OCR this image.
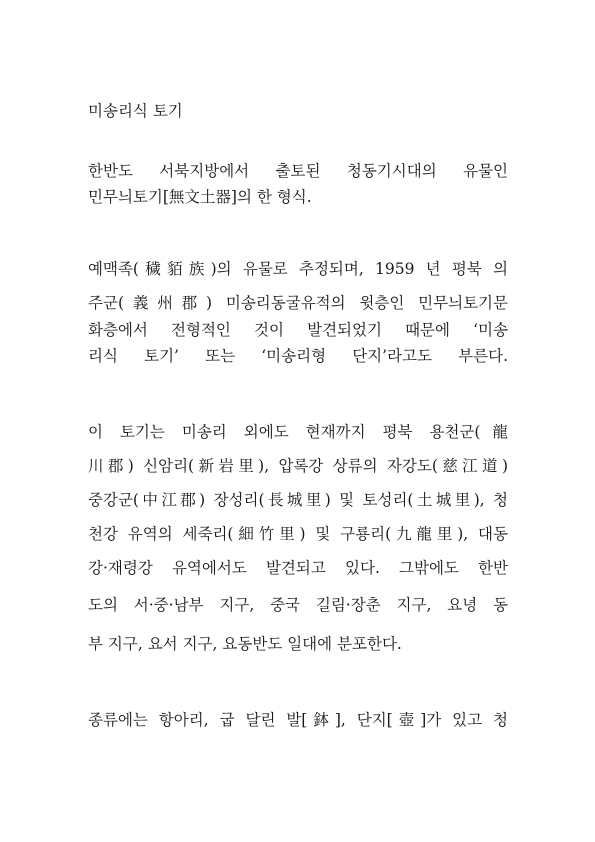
미송리식 토기
한반도 서북지방에서 출토된 청동기시대의 유물인
민무늬토기[無文土器]의 한 형식.
예맥족(穢貊族)의 유물로 추정되며, 1959 년 평북 의
주군(義州郡) 미송리동굴유적의 윗층인 민무늬토기문
화층에서 전형적인 것이 발견되었기 때문에 ‘미송
리식 토기’ 또는 ‘미송리형 단지’라고도 부른다.
이 토기는 미송리 외에도 현재까지 평북 용천군(龍
川郡) 신암리(新岩里), 압록강 상류의 자강도(慈江道)
중강군(中江郡) 장성리(長城里) 및 토성리(土城里), 청
천강 유역의 세죽리(細竹里) 및 구룡리(九龍里), 대동
강·재령강 유역에서도 발견되고 있다. 그밖에도 한반
도의 서·중·남부 지구, 중국 길림·장춘 지구, 요녕 동
부 지구, 요서 지구, 요동반도 일대에 분포한다.
종류에는 항아리, 굽 달린 발[鉢], 단지[壺]가 있고 청
